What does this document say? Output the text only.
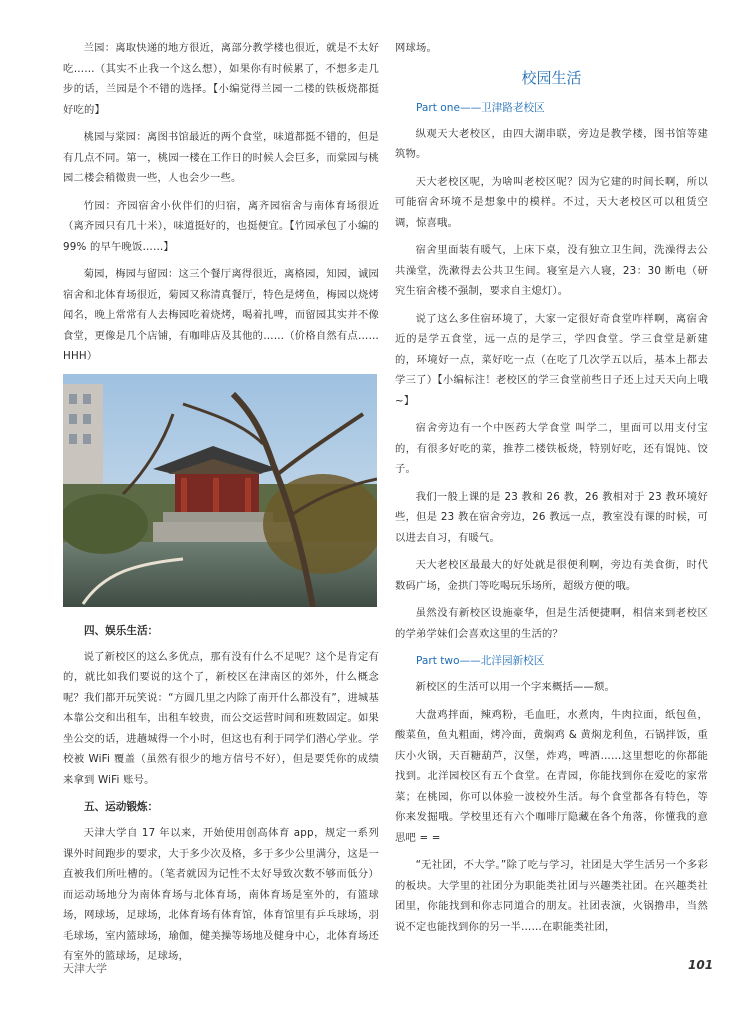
兰园：离取快递的地方很近，离部分教学楼也很近，就是不太好吃……（其实不止我一个这么想），如果你有时候累了，不想多走几步的话，兰园是个不错的选择。【小编觉得兰园一二楼的铁板烧都挺好吃的】

桃园与棠园：离图书馆最近的两个食堂，味道都挺不错的，但是有几点不同。第一，桃园一楼在工作日的时候人会巨多，而棠园与桃园二楼会稍微贵一些，人也会少一些。

竹园：齐园宿舍小伙伴们的归宿，离齐园宿舍与南体育场很近（离齐园只有几十米），味道挺好的，也挺便宜。【竹园承包了小编的 99% 的早午晚饭……】

菊园，梅园与留园：这三个餐厅离得很近，离格园，知园，诚园宿舍和北体育场很近，菊园又称清真餐厅，特色是烤鱼，梅园以烧烤闻名，晚上常常有人去梅园吃着烧烤，喝着扎啤，而留园其实并不像食堂，更像是几个店铺，有咖啡店及其他的……（价格自然有点……HHH）

四、娱乐生活：

说了新校区的这么多优点，那有没有什么不足呢？这个是肯定有的，就比如我们要说的这个了，新校区在津南区的郊外，什么概念呢？我们都开玩笑说：“方圆几里之内除了南开什么都没有”，进城基本靠公交和出租车，出租车较贵，而公交运营时间和班数固定。如果坐公交的话，进趟城得一个小时，但这也有利于同学们潜心学业。学校被 WiFi 覆盖（虽然有很少的地方信号不好），但是要凭你的成绩来拿到 WiFi 账号。

五、运动锻炼：

天津大学自 17 年以来，开始使用创高体育 app，规定一系列课外时间跑步的要求，大于多少次及格，多于多少公里满分，这是一直被我们所吐槽的。（笔者就因为记性不太好导致次数不够而低分）而运动场地分为南体育场与北体育场，南体育场是室外的，有篮球场，网球场，足球场，北体育场有体育馆，体育馆里有乒乓球场，羽毛球场，室内篮球场，瑜伽，健美操等场地及健身中心，北体育场还有室外的篮球场，足球场，

网球场。

校园生活
Part one——卫津路老校区

纵观天大老校区，由四大湖串联，旁边是教学楼，图书馆等建筑物。

天大老校区呢，为啥叫老校区呢？因为它建的时间长啊，所以可能宿舍环境不是想象中的模样。不过，天大老校区可以租赁空调，惊喜哦。

宿舍里面装有暖气，上床下桌，没有独立卫生间，洗澡得去公共澡堂，洗漱得去公共卫生间。寝室是六人寝，23：30 断电（研究生宿舍楼不强制，要求自主熄灯）。

说了这么多住宿环境了，大家一定很好奇食堂咋样啊，离宿舍近的是学五食堂，远一点的是学三，学四食堂。学三食堂是新建的，环境好一点，菜好吃一点（在吃了几次学五以后，基本上都去学三了）【小编标注！老校区的学三食堂前些日子还上过天天向上哦 ~】

宿舍旁边有一个中医药大学食堂 叫学二，里面可以用支付宝的，有很多好吃的菜，推荐二楼铁板烧，特别好吃，还有馄饨、饺子。

我们一般上课的是 23 教和 26 教，26 教相对于 23 教环境好些，但是 23 教在宿舍旁边，26 教远一点，教室没有课的时候，可以进去自习，有暖气。

天大老校区最最大的好处就是很便利啊，旁边有美食街，时代数码广场，金拱门等吃喝玩乐场所，超级方便的哦。

虽然没有新校区设施豪华，但是生活便捷啊，相信来到老校区的学弟学妹们会喜欢这里的生活的？

Part two——北洋园新校区

新校区的生活可以用一个字来概括——颓。

大盘鸡拌面，辣鸡粉，毛血旺，水煮肉，牛肉拉面，纸包鱼，酸菜鱼，鱼丸粗面，烤冷面，黄焖鸡 & 黄焖龙利鱼，石锅拌饭，重庆小火锅，天百糖葫芦，汉堡，炸鸡，啤酒……这里想吃的你都能找到。北洋园校区有五个食堂。在青园，你能找到你在爱吃的家常菜；在桃园，你可以体验一波校外生活。每个食堂都各有特色，等你来发掘哦。学校里还有六个咖啡厅隐藏在各个角落，你懂我的意思吧 = =

“无社团，不大学。”除了吃与学习，社团是大学生活另一个多彩的板块。大学里的社团分为职能类社团与兴趣类社团。在兴趣类社团里，你能找到和你志同道合的朋友。社团表演，火锅撸串，当然说不定也能找到你的另一半……在职能类社团，

天津大学	101
